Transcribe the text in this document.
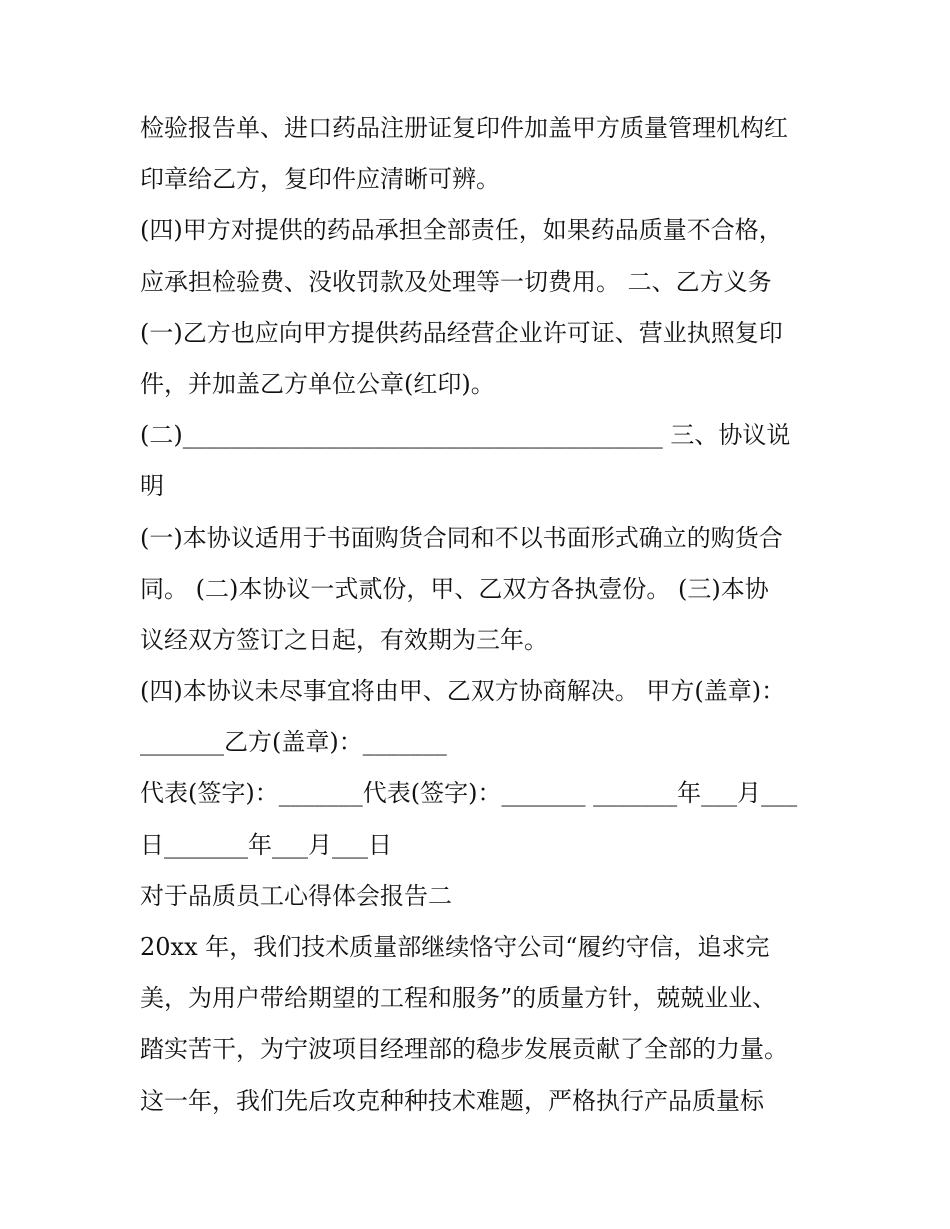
检验报告单、进口药品注册证复印件加盖甲方质量管理机构红
印章给乙方，复印件应清晰可辨。
(四)甲方对提供的药品承担全部责任，如果药品质量不合格，
应承担检验费、没收罚款及处理等一切费用。 二、乙方义务
(一)乙方也应向甲方提供药品经营企业许可证、营业执照复印
件，并加盖乙方单位公章(红印)。
(二)________________________________________ 三、协议说
明
(一)本协议适用于书面购货合同和不以书面形式确立的购货合
同。 (二)本协议一式贰份，甲、乙双方各执壹份。 (三)本协
议经双方签订之日起，有效期为三年。
(四)本协议未尽事宜将由甲、乙双方协商解决。 甲方(盖章)：
_______乙方(盖章)：_______
代表(签字)：_______代表(签字)：_______ _______年___月___
日_______年___月___日
对于品质员工心得体会报告二
20xx 年，我们技术质量部继续恪守公司“履约守信，追求完
美，为用户带给期望的工程和服务”的质量方针，兢兢业业、
踏实苦干，为宁波项目经理部的稳步发展贡献了全部的力量。
这一年，我们先后攻克种种技术难题，严格执行产品质量标
